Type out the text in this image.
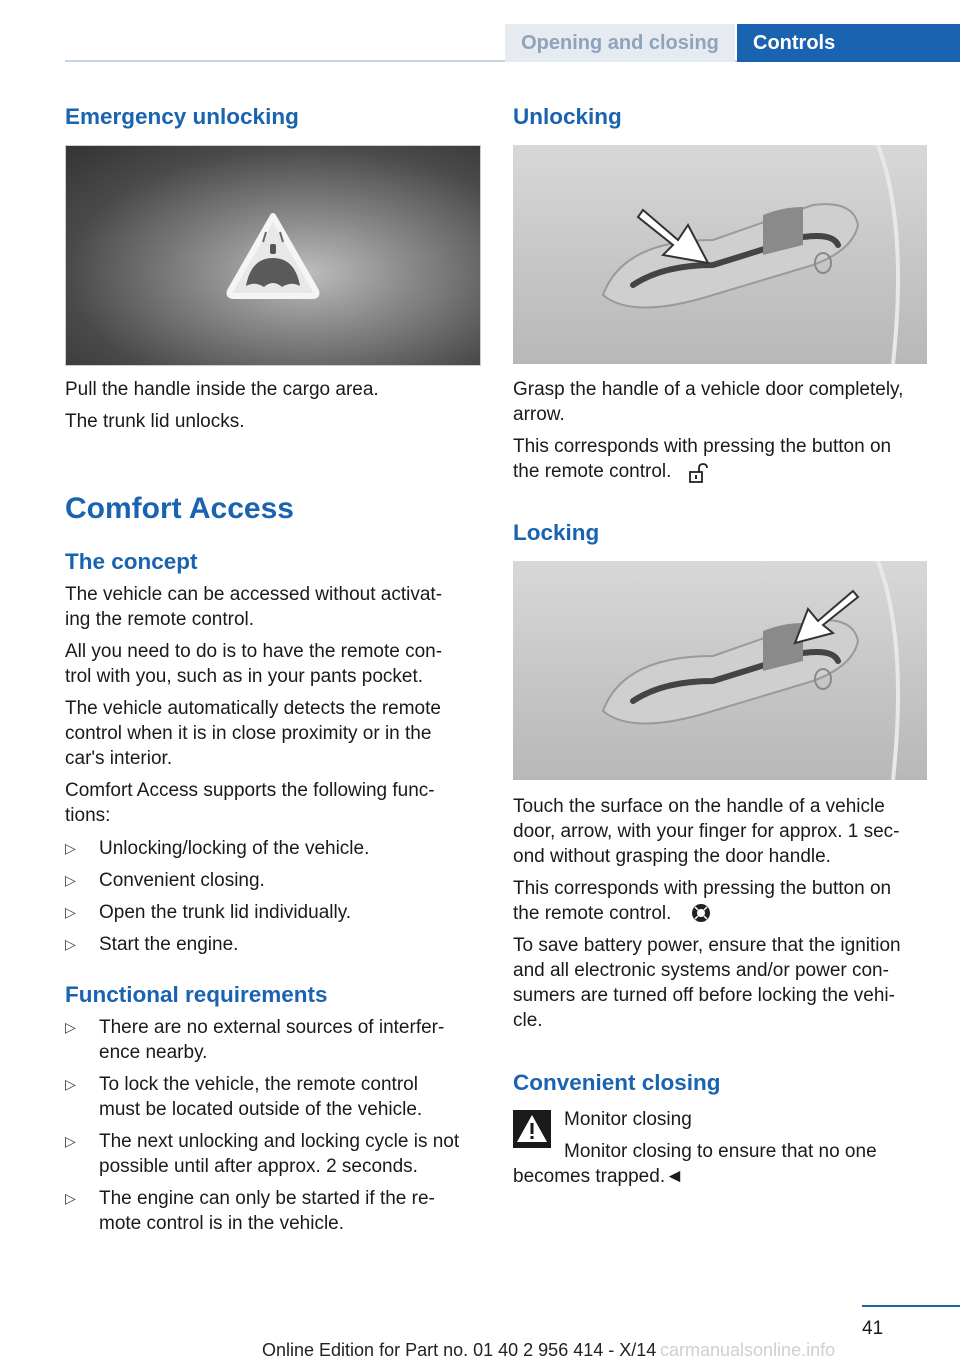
Opening and closing	Controls
Emergency unlocking
Pull the handle inside the cargo area.
The trunk lid unlocks.
Comfort Access
The concept
The vehicle can be accessed without activat‐
ing the remote control.
All you need to do is to have the remote con‐
trol with you, such as in your pants pocket.
The vehicle automatically detects the remote
control when it is in close proximity or in the
car's interior.
Comfort Access supports the following func‐
tions:
▷ Unlocking/locking of the vehicle.
▷ Convenient closing.
▷ Open the trunk lid individually.
▷ Start the engine.
Functional requirements
▷ There are no external sources of interfer‐
ence nearby.
▷ To lock the vehicle, the remote control
must be located outside of the vehicle.
▷ The next unlocking and locking cycle is not
possible until after approx. 2 seconds.
▷ The engine can only be started if the re‐
mote control is in the vehicle.
Unlocking
Grasp the handle of a vehicle door completely,
arrow.
This corresponds with pressing the button on
the remote control.
Locking
Touch the surface on the handle of a vehicle
door, arrow, with your finger for approx. 1 sec‐
ond without grasping the door handle.
This corresponds with pressing the button on
the remote control.
To save battery power, ensure that the ignition
and all electronic systems and/or power con‐
sumers are turned off before locking the vehi‐
cle.
Convenient closing
Monitor closing
Monitor closing to ensure that no one
becomes trapped.◄
41
Online Edition for Part no. 01 40 2 956 414 - X/14 carmanualsonline.info
